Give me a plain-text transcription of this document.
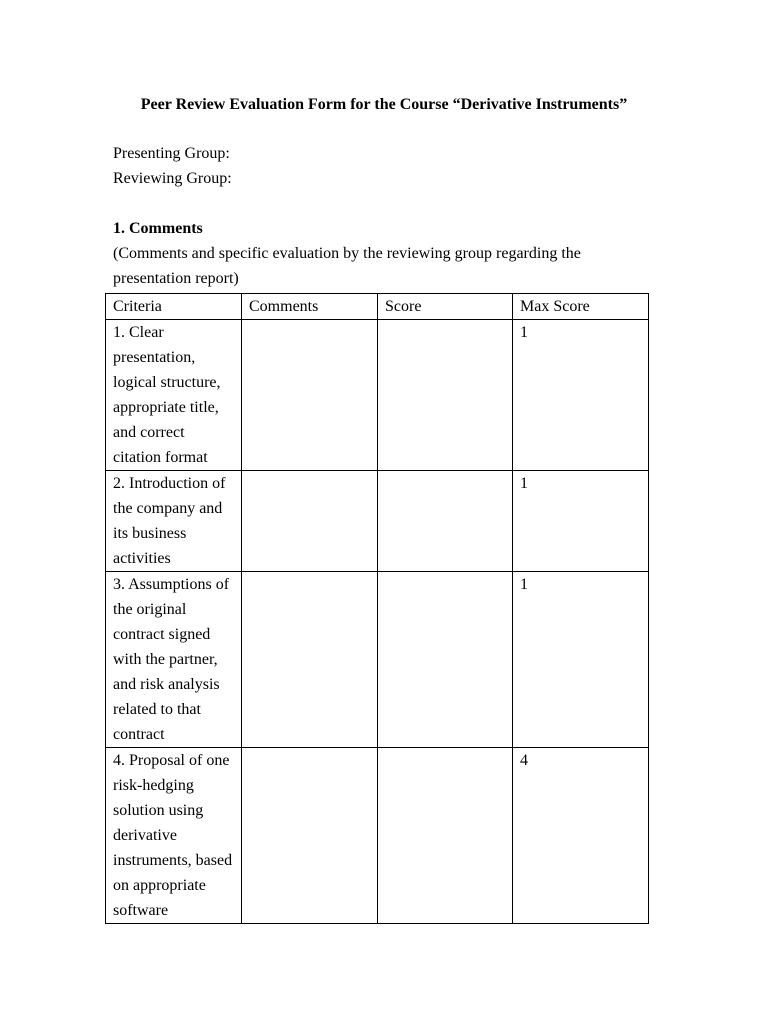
Peer Review Evaluation Form for the Course “Derivative Instruments”

Presenting Group:

Reviewing Group:

1. Comments

(Comments and specific evaluation by the reviewing group regarding the

presentation report)

Criteria	Comments	Score	Max Score
1. Clear presentation, logical structure, appropriate title, and correct citation format			1
2. Introduction of the company and its business activities			1
3. Assumptions of the original contract signed with the partner, and risk analysis related to that contract			1
4. Proposal of one risk-hedging solution using derivative instruments, based on appropriate software			4
